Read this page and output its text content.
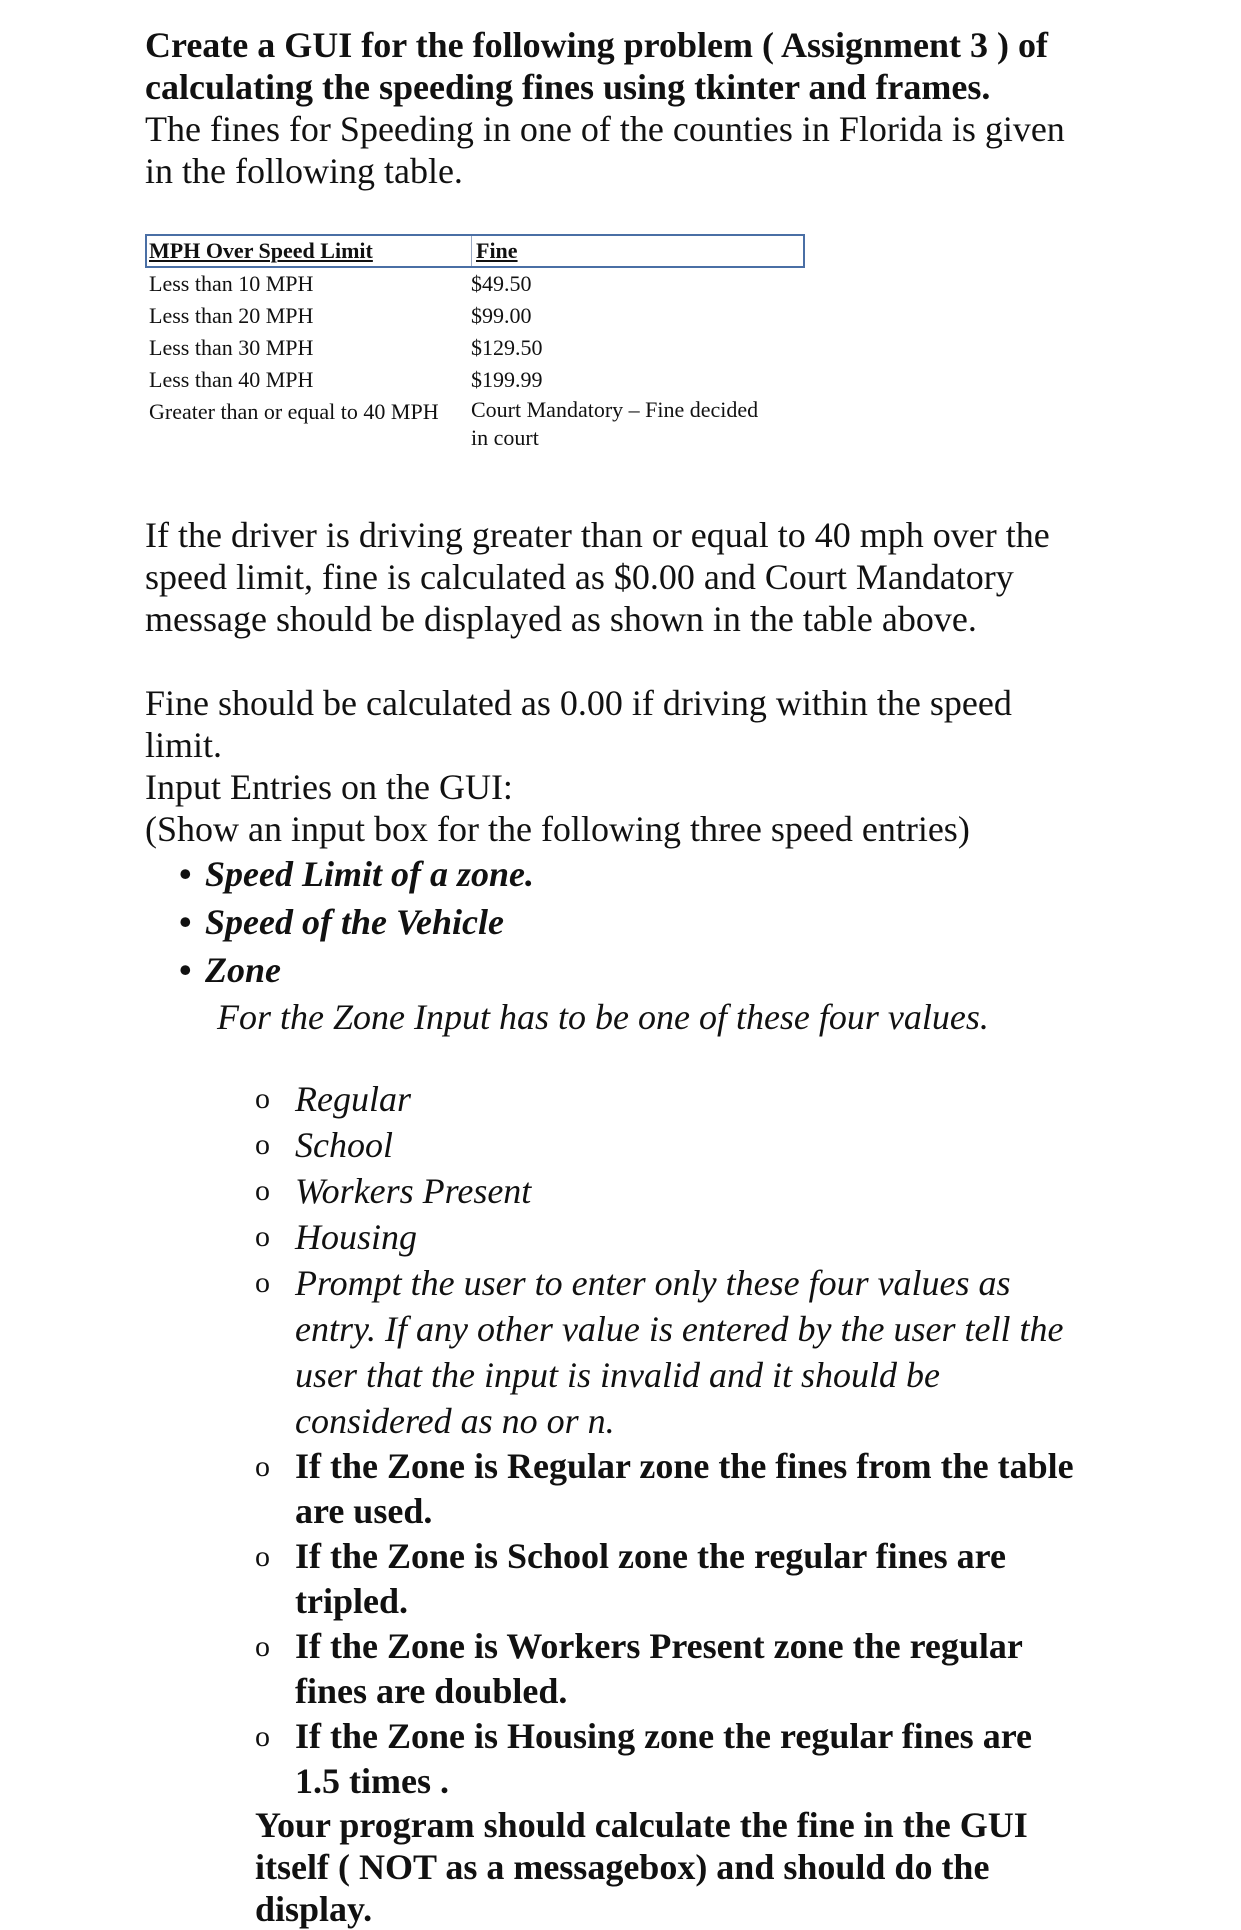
Create a GUI for the following problem ( Assignment 3 ) of

calculating the speeding fines using tkinter and frames.

The fines for Speeding in one of the counties in Florida is given

in the following table.

MPH Over Speed Limit	Fine
Less than 10 MPH	$49.50
Less than 20 MPH	$99.00
Less than 30 MPH	$129.50
Less than 40 MPH	$199.99
Greater than or equal to 40 MPH	Court Mandatory – Fine decided
in court

If the driver is driving greater than or equal to 40 mph over the

speed limit, fine is calculated as $0.00 and Court Mandatory

message should be displayed as shown in the table above.

Fine should be calculated as 0.00 if driving within the speed

limit.

Input Entries on the GUI:

(Show an input box for the following three speed entries)

• Speed Limit of a zone.
• Speed of the Vehicle
• Zone

For the Zone Input has to be one of these four values.

o Regular
o School
o Workers Present
o Housing
o Prompt the user to enter only these four values as
entry. If any other value is entered by the user tell the
user that the input is invalid and it should be
considered as no or n.
o If the Zone is Regular zone the fines from the table
are used.
o If the Zone is School zone the regular fines are
tripled.
o If the Zone is Workers Present zone the regular
fines are doubled.
o If the Zone is Housing zone the regular fines are
1.5 times .
Your program should calculate the fine in the GUI
itself ( NOT as a messagebox) and should do the
display.
